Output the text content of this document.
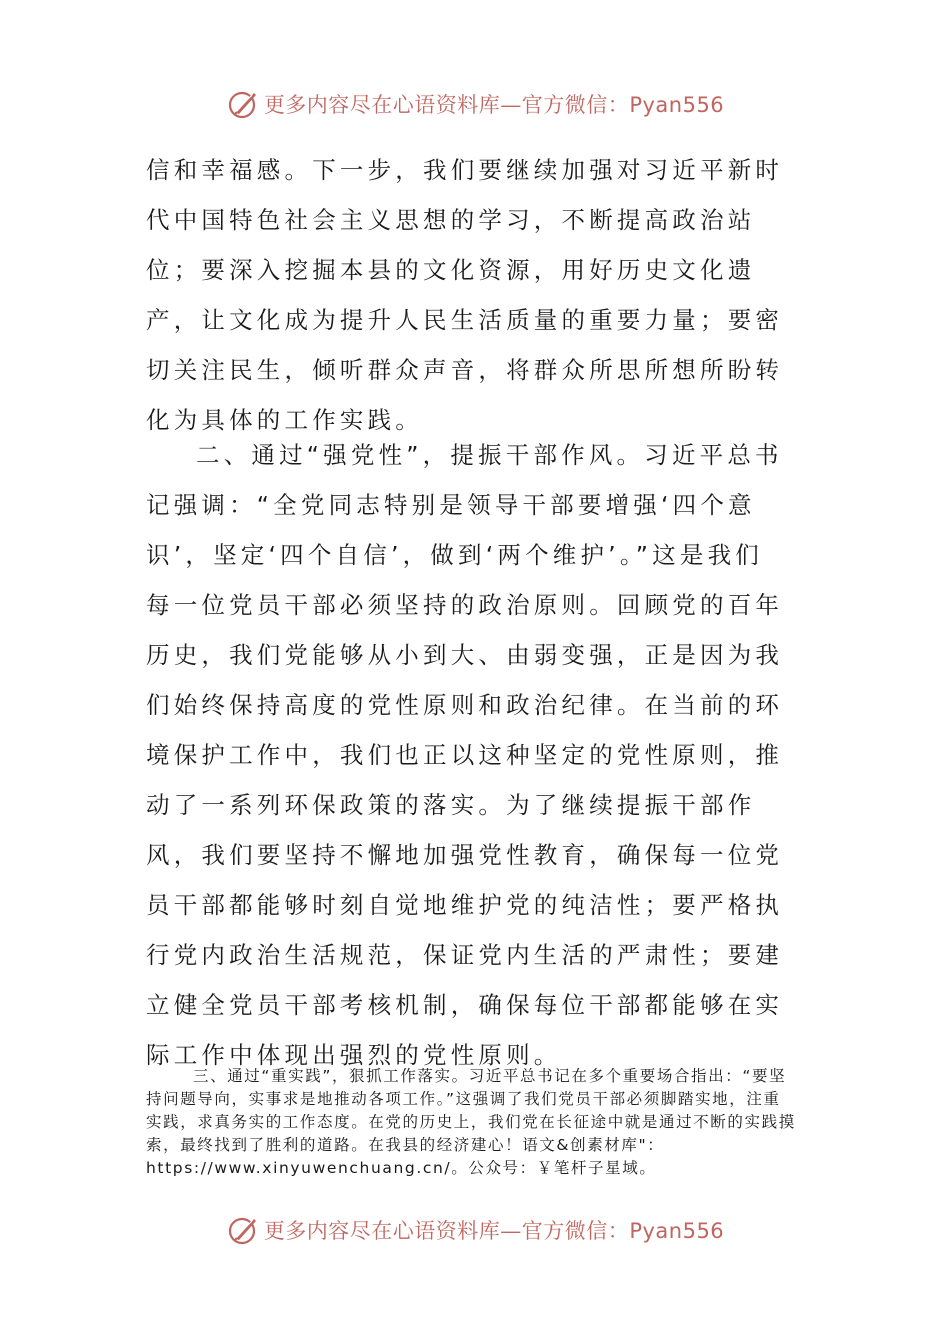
更多内容尽在心语资料库—官方微信：Pyan556

信和幸福感。下一步，我们要继续加强对习近平新时代中国特色社会主义思想的学习，不断提高政治站位；要深入挖掘本县的文化资源，用好历史文化遗产，让文化成为提升人民生活质量的重要力量；要密切关注民生，倾听群众声音，将群众所思所想所盼转化为具体的工作实践。

二、通过“强党性”，提振干部作风。习近平总书记强调：“全党同志特别是领导干部要增强‘四个意识’，坚定‘四个自信’，做到‘两个维护’。”这是我们每一位党员干部必须坚持的政治原则。回顾党的百年历史，我们党能够从小到大、由弱变强，正是因为我们始终保持高度的党性原则和政治纪律。在当前的环境保护工作中，我们也正以这种坚定的党性原则，推动了一系列环保政策的落实。为了继续提振干部作风，我们要坚持不懈地加强党性教育，确保每一位党员干部都能够时刻自觉地维护党的纯洁性；要严格执行党内政治生活规范，保证党内生活的严肃性；要建立健全党员干部考核机制，确保每位干部都能够在实际工作中体现出强烈的党性原则。

三、通过“重实践”，狠抓工作落实。习近平总书记在多个重要场合指出：“要坚持问题导向，实事求是地推动各项工作。”这强调了我们党员干部必须脚踏实地，注重实践，求真务实的工作态度。在党的历史上，我们党在长征途中就是通过不断的实践摸索，最终找到了胜利的道路。在我县的经济建心！语文&创素材库"：https://www.xinyuwenchuang.cn/。公众号：￥笔杆子星域。

更多内容尽在心语资料库—官方微信：Pyan556
